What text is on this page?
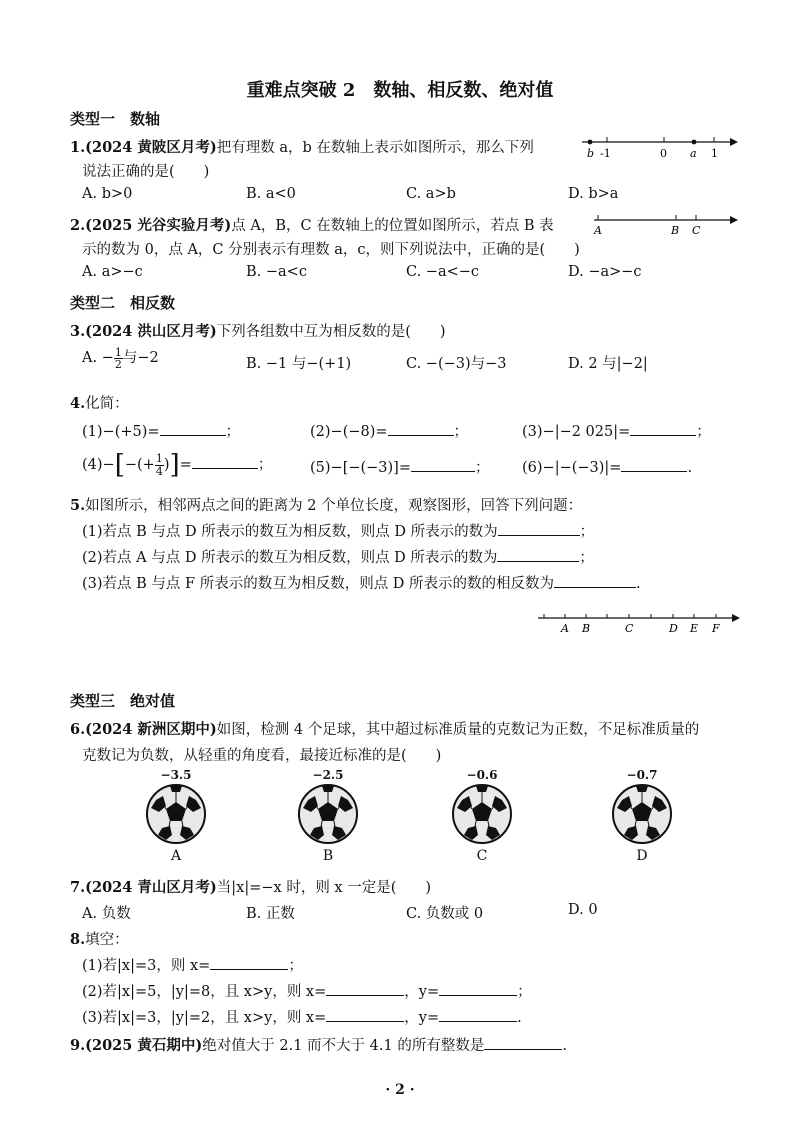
重难点突破 2　数轴、相反数、绝对值
类型一　数轴
1.(2024 黄陂区月考)把有理数 a，b 在数轴上表示如图所示，那么下列
说法正确的是(　　)
b -1	0 a 1
A. b>0	B. a<0	C. a>b	D. b>a
2.(2025 光谷实验月考)点 A，B，C 在数轴上的位置如图所示，若点 B 表
示的数为 0，点 A，C 分别表示有理数 a，c，则下列说法中，正确的是(　　)
A	B C
A. a>−c	B. −a<c	C. −a<−c	D. −a>−c
类型二　相反数
3.(2024 洪山区月考)下列各组数中互为相反数的是(　　)
A. − $\frac{1}{2}$ 与−2	B. −1 与−(+1)	C. −(−3)与−3	D. 2 与|−2|
4.化简：
(1)−(+5)=	；	(2)−(−8)=	；	(3)−|−2 025|=	；
$(4)-[-(+ \frac{1}{4}$ )]=	；	(5)−[−(−3)]=	； (6)−|−(−3)|=	.
5.如图所示，相邻两点之间的距离为 2 个单位长度，观察图形，回答下列问题：
(1)若点 B 与点 D 所表示的数互为相反数，则点 D 所表示的数为	；
(2)若点 A 与点 D 所表示的数互为相反数，则点 D 所表示的数为	；
(3)若点 B 与点 F 所表示的数互为相反数，则点 D 所表示的数的相反数为	.
A B	C	D E F
类型三　绝对值
6.(2024 新洲区期中)如图，检测 4 个足球，其中超过标准质量的克数记为正数，不足标准质量的
克数记为负数，从轻重的角度看，最接近标准的是(　　)
−3.5
A
−2.5
B
−0.6
C
−0.7
D
7.(2024 青山区月考)当|x|=−x 时，则 x 一定是(　　)
A. 负数	B. 正数	C. 负数或 0	D. 0
8.填空：
(1)若|x|=3，则 x=	；
(2)若|x|=5，|y|=8，且 x>y，则 x=	，y=	；
(3)若|x|=3，|y|=2，且 x>y，则 x=	，y=	.
9.(2025 黄石期中)绝对值大于 2.1 而不大于 4.1 的所有整数是	.
· 2 ·
